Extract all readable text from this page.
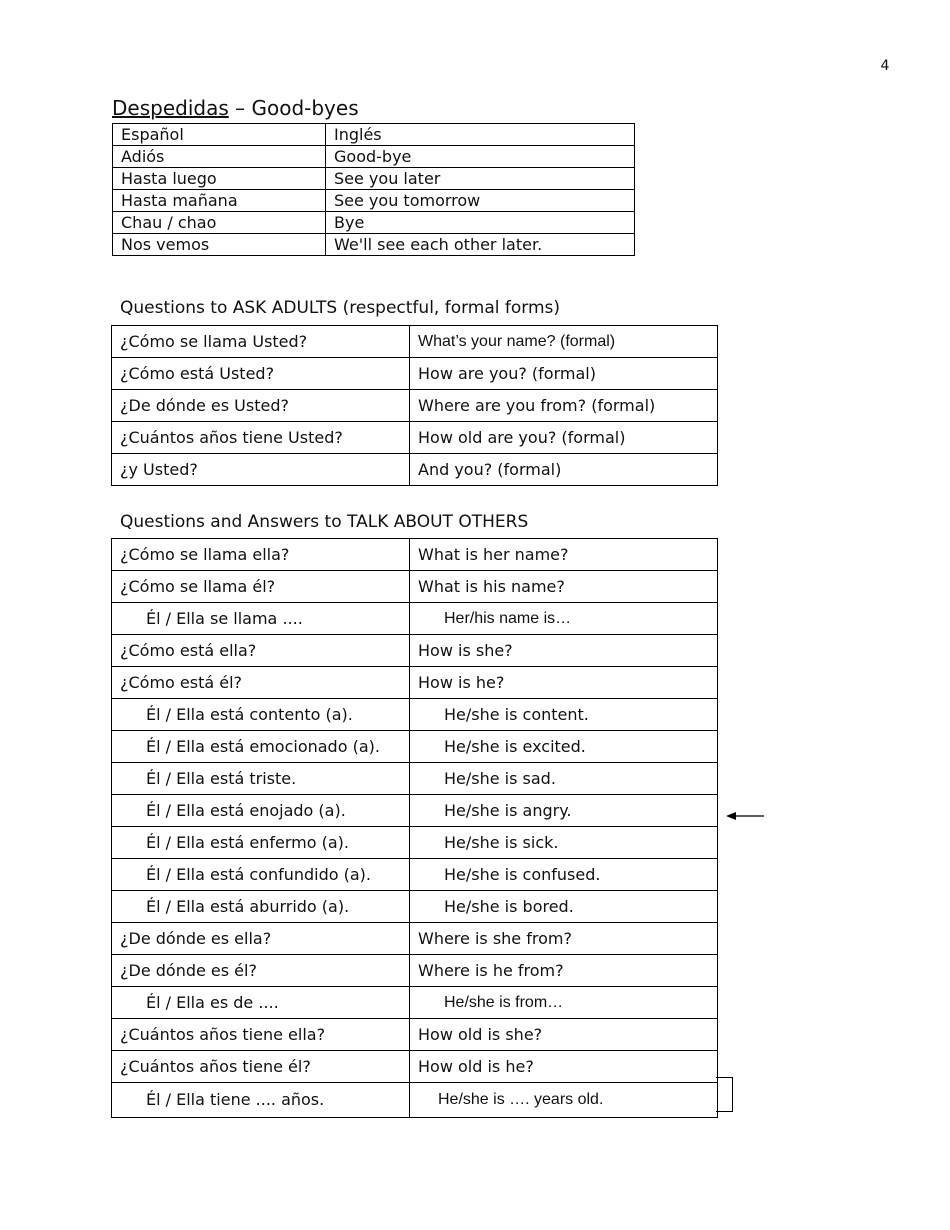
4
Despedidas – Good-byes
Español	Inglés
Adiós	Good-bye
Hasta luego	See you later
Hasta mañana	See you tomorrow
Chau / chao	Bye
Nos vemos	We'll see each other later.
Questions to ASK ADULTS (respectful, formal forms)
¿Cómo se llama Usted?	What’s your name? (formal)
¿Cómo está Usted?	How are you? (formal)
¿De dónde es Usted?	Where are you from? (formal)
¿Cuántos años tiene Usted?	How old are you? (formal)
¿y Usted?	And you? (formal)
Questions and Answers to TALK ABOUT OTHERS
¿Cómo se llama ella?	What is her name?
¿Cómo se llama él?	What is his name?
Él / Ella se llama ....	Her/his name is…
¿Cómo está ella?	How is she?
¿Cómo está él?	How is he?
Él / Ella está contento (a).	He/she is content.
Él / Ella está emocionado (a).	He/she is excited.
Él / Ella está triste.	He/she is sad.
Él / Ella está enojado (a).	He/she is angry.
Él / Ella está enfermo (a).	He/she is sick.
Él / Ella está confundido (a).	He/she is confused.
Él / Ella está aburrido (a).	He/she is bored.
¿De dónde es ella?	Where is she from?
¿De dónde es él?	Where is he from?
Él / Ella es de ....	He/she is from…
¿Cuántos años tiene ella?	How old is she?
¿Cuántos años tiene él?	How old is he?
Él / Ella tiene .... años.	He/she is …. years old.
